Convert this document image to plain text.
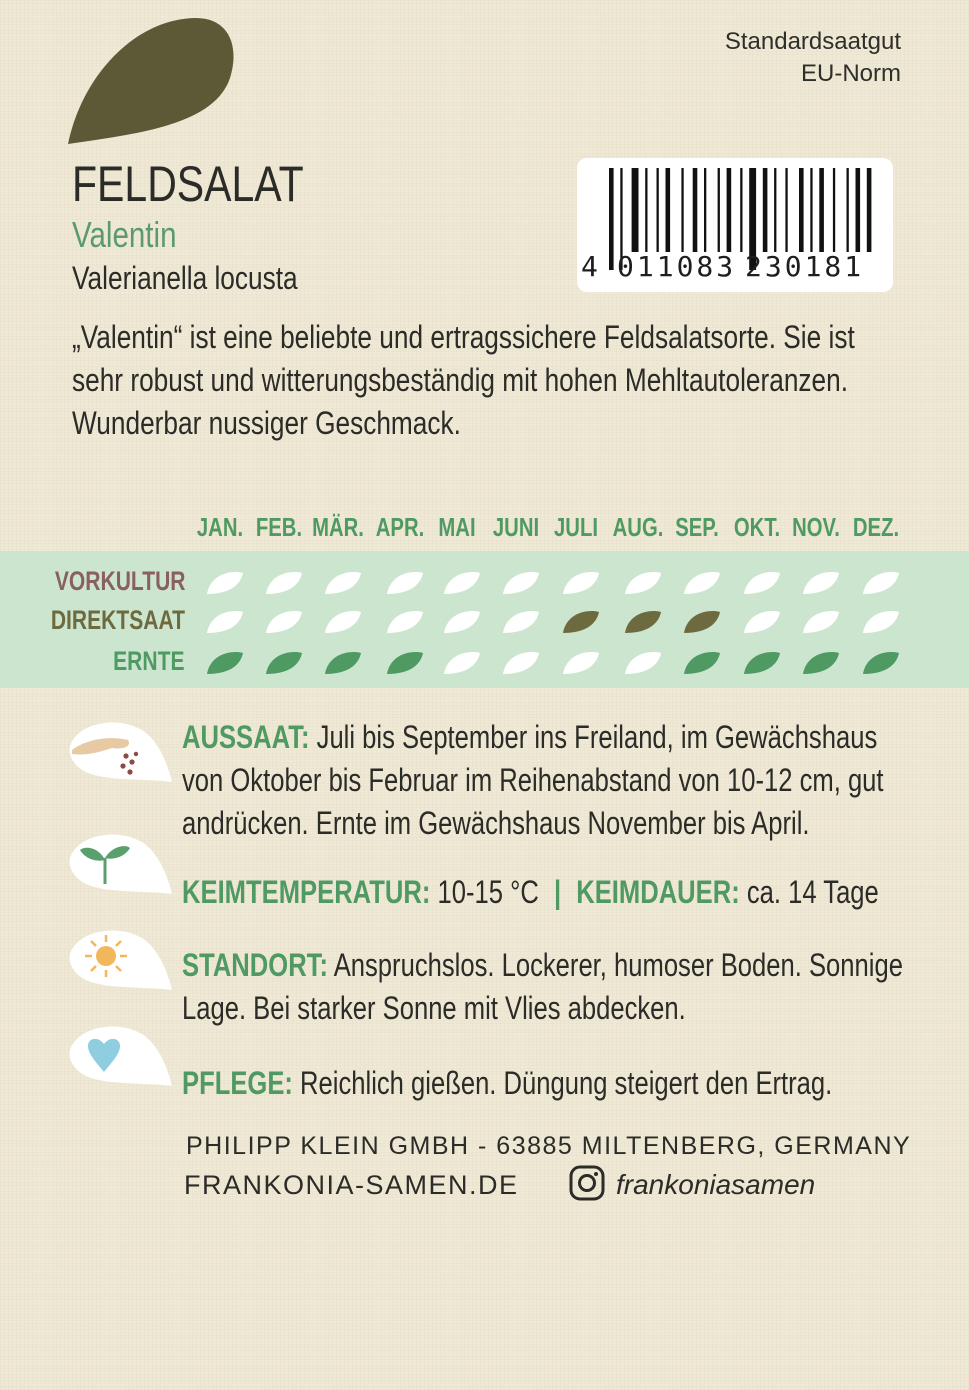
Standardsaatgut
EU-Norm
FELDSALAT
Valentin
Valerianella locusta	4 011083 230181
„Valentin“ ist eine beliebte und ertragssichere Feldsalatsorte. Sie ist
sehr robust und witterungsbeständig mit hohen Mehltautoleranzen.
Wunderbar nussiger Geschmack.
JAN. FEB. MÄR. APR. MAI JUNI JULI AUG. SEP. OKT. NOV. DEZ.
VORKULTUR
DIREKTSAAT
ERNTE
AUSSAAT: Juli bis September ins Freiland, im Gewächshaus
von Oktober bis Februar im Reihenabstand von 10-12 cm, gut
andrücken. Ernte im Gewächshaus November bis April.
KEIMTEMPERATUR: 10-15 °C | KEIMDAUER: ca. 14 Tage
STANDORT: Anspruchslos. Lockerer, humoser Boden. Sonnige
Lage. Bei starker Sonne mit Vlies abdecken.
PFLEGE: Reichlich gießen. Düngung steigert den Ertrag.
PHILIPP KLEIN GMBH - 63885 MILTENBERG, GERMANY
FRANKONIA-SAMEN.DE	frankoniasamen
